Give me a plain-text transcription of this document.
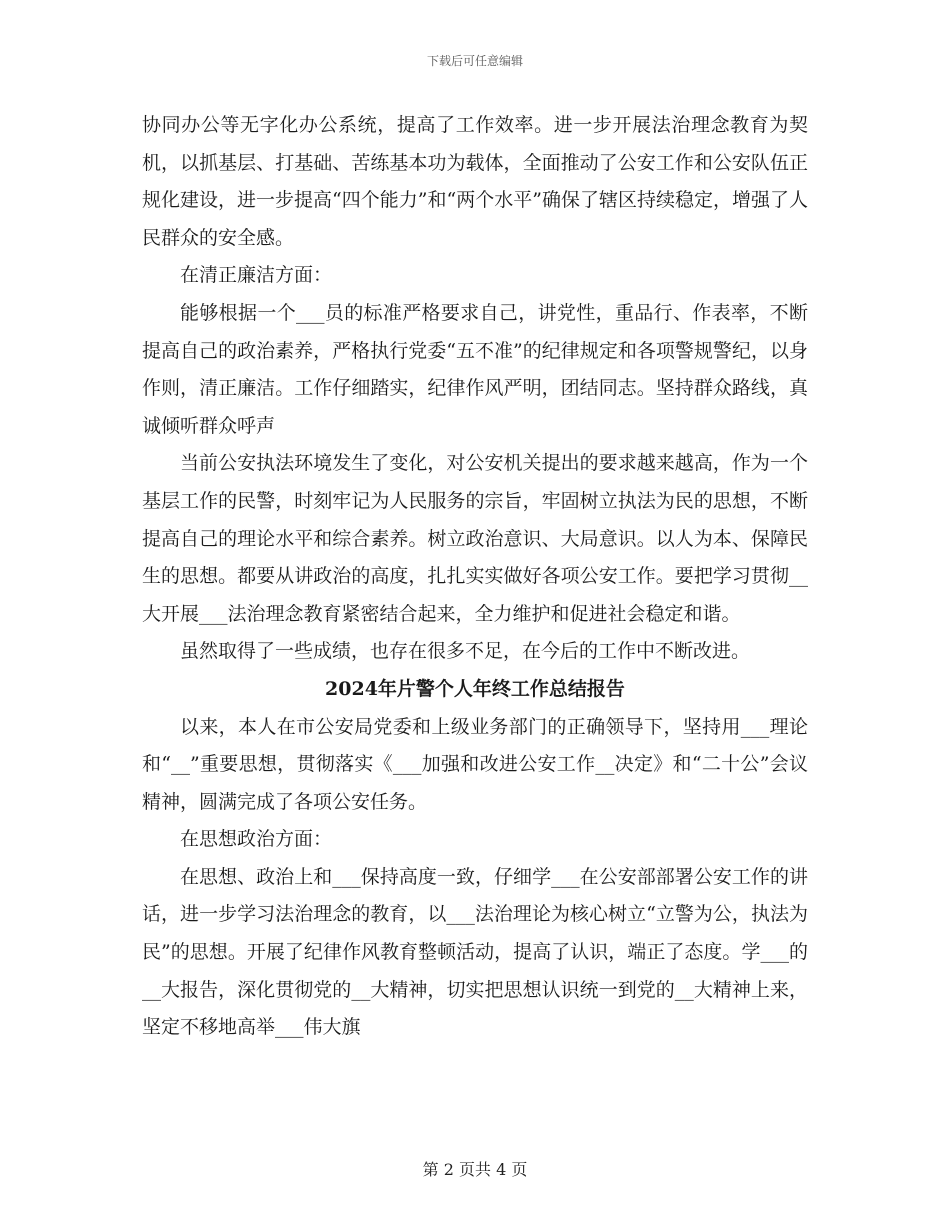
下载后可任意编辑

协同办公等无字化办公系统，提高了工作效率。进一步开展法治理念教育为契机，以抓基层、打基础、苦练基本功为载体，全面推动了公安工作和公安队伍正规化建设，进一步提高“四个能力”和“两个水平”确保了辖区持续稳定，增强了人民群众的安全感。

在清正廉洁方面：

能够根据一个___员的标准严格要求自己，讲党性，重品行、作表率，不断提高自己的政治素养，严格执行党委“五不准”的纪律规定和各项警规警纪，以身作则，清正廉洁。工作仔细踏实，纪律作风严明，团结同志。坚持群众路线，真诚倾听群众呼声

当前公安执法环境发生了变化，对公安机关提出的要求越来越高，作为一个基层工作的民警，时刻牢记为人民服务的宗旨，牢固树立执法为民的思想，不断提高自己的理论水平和综合素养。树立政治意识、大局意识。以人为本、保障民生的思想。都要从讲政治的高度，扎扎实实做好各项公安工作。要把学习贯彻__大开展___法治理念教育紧密结合起来，全力维护和促进社会稳定和谐。

虽然取得了一些成绩，也存在很多不足，在今后的工作中不断改进。

2024年片警个人年终工作总结报告

以来，本人在市公安局党委和上级业务部门的正确领导下，坚持用___理论和“__”重要思想，贯彻落实《___加强和改进公安工作__决定》和“二十公”会议精神，圆满完成了各项公安任务。

在思想政治方面：

在思想、政治上和___保持高度一致，仔细学___在公安部部署公安工作的讲话，进一步学习法治理念的教育，以___法治理论为核心树立“立警为公，执法为民”的思想。开展了纪律作风教育整顿活动，提高了认识，端正了态度。学___的__大报告，深化贯彻党的__大精神，切实把思想认识统一到党的__大精神上来，坚定不移地高举___伟大旗

第 2 页共 4 页
